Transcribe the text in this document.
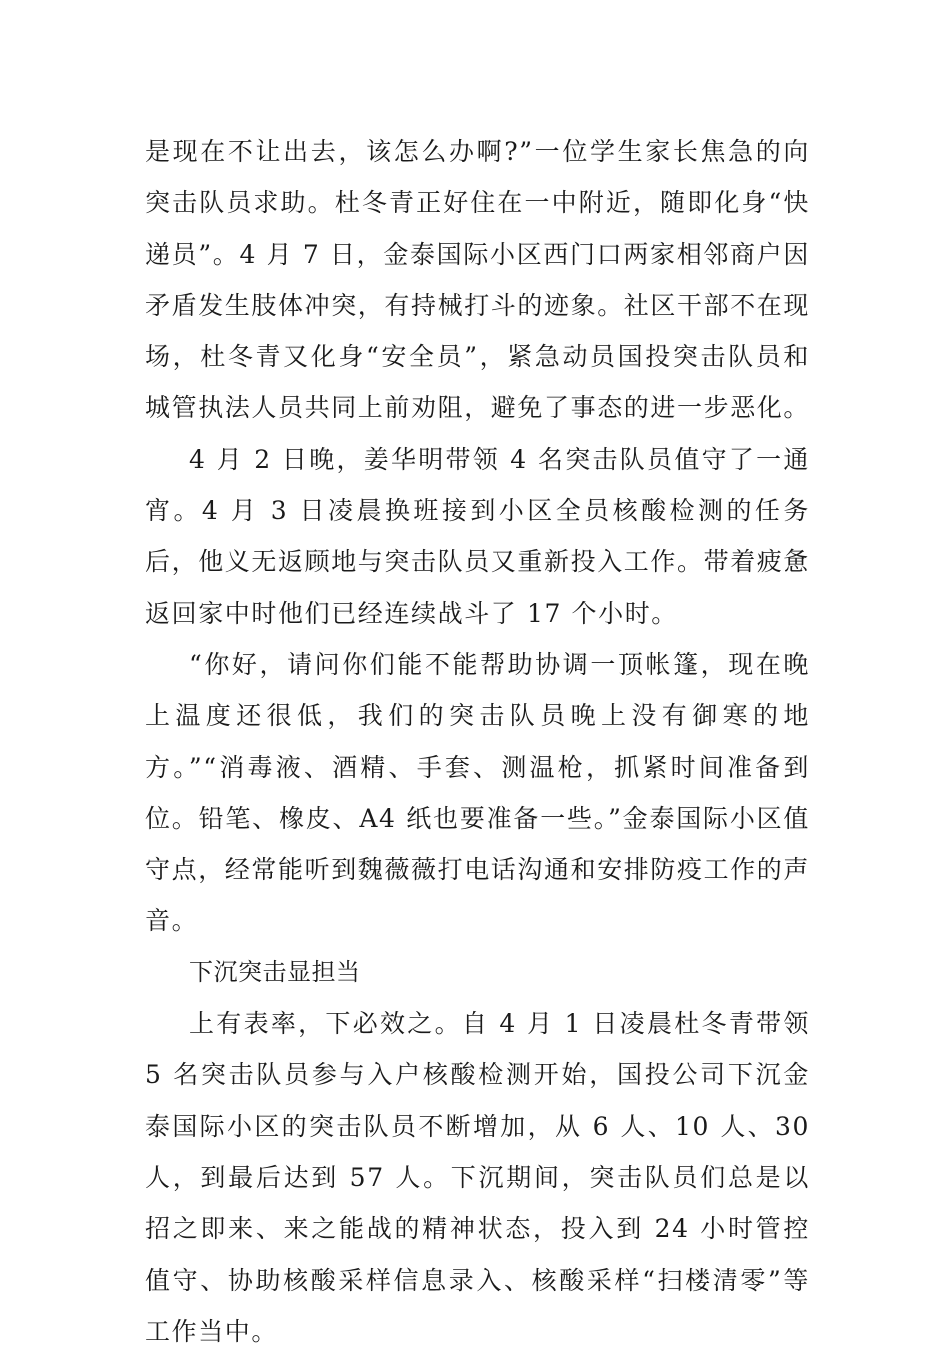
是现在不让出去，该怎么办啊?”一位学生家长焦急的向突击队员求助。杜冬青正好住在一中附近，随即化身“快递员”。4 月 7 日，金泰国际小区西门口两家相邻商户因矛盾发生肢体冲突，有持械打斗的迹象。社区干部不在现场，杜冬青又化身“安全员”，紧急动员国投突击队员和城管执法人员共同上前劝阻，避免了事态的进一步恶化。

4 月 2 日晚，姜华明带领 4 名突击队员值守了一通宵。4 月 3 日凌晨换班接到小区全员核酸检测的任务后，他义无返顾地与突击队员又重新投入工作。带着疲惫返回家中时他们已经连续战斗了 17 个小时。

“你好，请问你们能不能帮助协调一顶帐篷，现在晚上温度还很低，我们的突击队员晚上没有御寒的地方。”“消毒液、酒精、手套、测温枪，抓紧时间准备到位。铅笔、橡皮、A4 纸也要准备一些。”金泰国际小区值守点，经常能听到魏薇薇打电话沟通和安排防疫工作的声音。

下沉突击显担当

上有表率，下必效之。自 4 月 1 日凌晨杜冬青带领 5 名突击队员参与入户核酸检测开始，国投公司下沉金泰国际小区的突击队员不断增加，从 6 人、10 人、30 人，到最后达到 57 人。下沉期间，突击队员们总是以招之即来、来之能战的精神状态，投入到 24 小时管控值守、协助核酸采样信息录入、核酸采样“扫楼清零”等工作当中。
